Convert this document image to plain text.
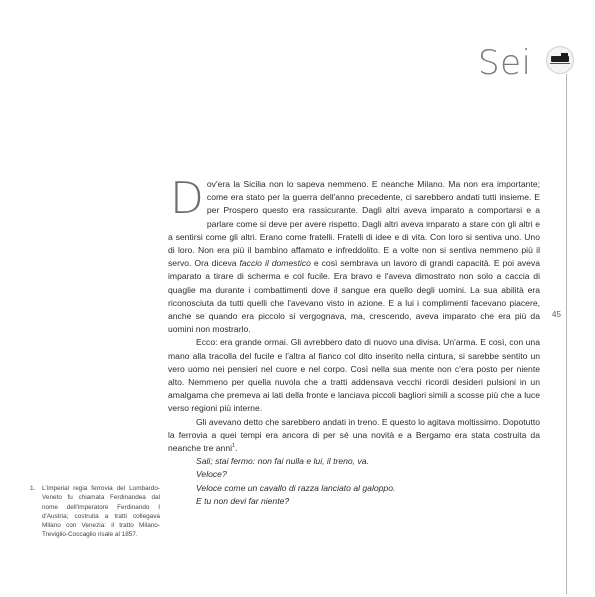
Sei
45

Dov'era la Sicilia non lo sapeva nemmeno. E neanche Milano. Ma non era importante; come era stato per la guerra dell'anno precedente, ci sarebbero andati tutti insieme. E per Prospero questo era rassicurante. Dagli altri aveva imparato a comportarsi e a parlare come si deve per avere rispetto. Dagli altri aveva imparato a stare con gli altri e a sentirsi come gli altri. Erano come fratelli. Fratelli di idee e di vita. Con loro si sentiva uno. Uno di loro. Non era più il bambino affamato e infreddolito. E a volte non si sentiva nemmeno più il servo. Ora diceva faccio il domestico e così sembrava un lavoro di grandi capacità. E poi aveva imparato a tirare di scherma e col fucile. Era bravo e l'aveva dimostrato non solo a caccia di quaglie ma durante i combattimenti dove il sangue era quello degli uomini. La sua abilità era riconosciuta da tutti quelli che l'avevano visto in azione. E a lui i complimenti facevano piacere, anche se quando era piccolo si vergognava, ma, crescendo, aveva imparato che era più da uomini non mostrarlo.

Ecco: era grande ormai. Gli avrebbero dato di nuovo una divisa. Un'arma. E così, con una mano alla tracolla del fucile e l'altra al fianco col dito inserito nella cintura, si sarebbe sentito un vero uomo nei pensieri nel cuore e nel corpo. Così nella sua mente non c'era posto per niente alto. Nemmeno per quella nuvola che a tratti addensava vecchi ricordi desideri pulsioni in un amalgama che premeva ai lati della fronte e lanciava piccoli bagliori simili a scosse più che a luce verso regioni più interne.

Gli avevano detto che sarebbero andati in treno. E questo lo agitava moltissimo. Dopotutto la ferrovia a quei tempi era ancora di per sé una novità e a Bergamo era stata costruita da neanche tre anni$^1$.

Sali; stai fermo: non fai nulla e lui, il treno, va.
Veloce?
Veloce come un cavallo di razza lanciato al galoppo.
E tu non devi far niente?
1. L'imperial regia ferrovia del Lombardo-Veneto fu chiamata Ferdinandea dal nome dell'imperatore Ferdinando I d'Austria; costruita a tratti collegava Milano con Venezia: il tratto Milano-Treviglio-Coccaglio risale al 1857.
